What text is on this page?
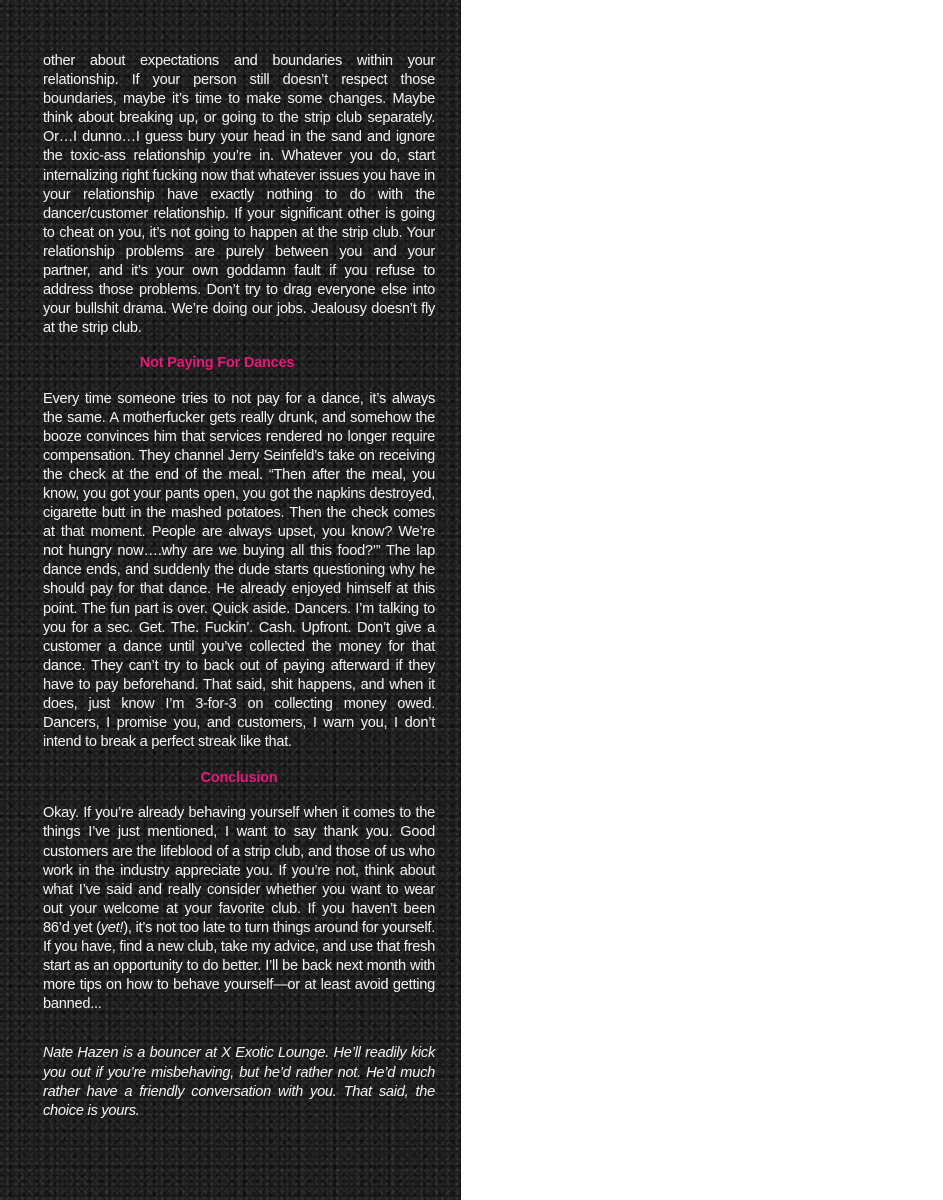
other about expectations and boundaries within your relationship. If your person still doesn’t respect those boundaries, maybe it’s time to make some changes. Maybe think about breaking up, or going to the strip club separately. Or…I dunno…I guess bury your head in the sand and ignore the toxic-ass relationship you’re in. Whatever you do, start internalizing right fucking now that whatever issues you have in your relationship have exactly nothing to do with the dancer/customer relationship. If your significant other is going to cheat on you, it’s not going to happen at the strip club. Your relationship problems are purely between you and your partner, and it’s your own goddamn fault if you refuse to address those problems. Don’t try to drag everyone else into your bullshit drama. We’re doing our jobs. Jealousy doesn’t fly at the strip club.

Not Paying For Dances

Every time someone tries to not pay for a dance, it’s always the same. A motherfucker gets really drunk, and somehow the booze convinces him that services rendered no longer require compensation. They channel Jerry Seinfeld’s take on receiving the check at the end of the meal. “Then after the meal, you know, you got your pants open, you got the napkins destroyed, cigarette butt in the mashed potatoes. Then the check comes at that moment. People are always upset, you know? We’re not hungry now….why are we buying all this food?’” The lap dance ends, and suddenly the dude starts questioning why he should pay for that dance. He already enjoyed himself at this point. The fun part is over. Quick aside. Dancers. I’m talking to you for a sec. Get. The. Fuckin’. Cash. Upfront. Don’t give a customer a dance until you’ve collected the money for that dance. They can’t try to back out of paying afterward if they have to pay beforehand. That said, shit happens, and when it does, just know I’m 3-for-3 on collecting money owed. Dancers, I promise you, and customers, I warn you, I don’t intend to break a perfect streak like that.

Conclusion

Okay. If you’re already behaving yourself when it comes to the things I’ve just mentioned, I want to say thank you. Good customers are the lifeblood of a strip club, and those of us who work in the industry appreciate you. If you’re not, think about what I’ve said and really consider whether you want to wear out your welcome at your favorite club. If you haven’t been 86’d yet (yet!), it’s not too late to turn things around for yourself. If you have, find a new club, take my advice, and use that fresh start as an opportunity to do better. I’ll be back next month with more tips on how to behave yourself—or at least avoid getting banned...

Nate Hazen is a bouncer at X Exotic Lounge. He’ll readily kick you out if you’re misbehaving, but he’d rather not. He’d much rather have a friendly conversation with you. That said, the choice is yours.
